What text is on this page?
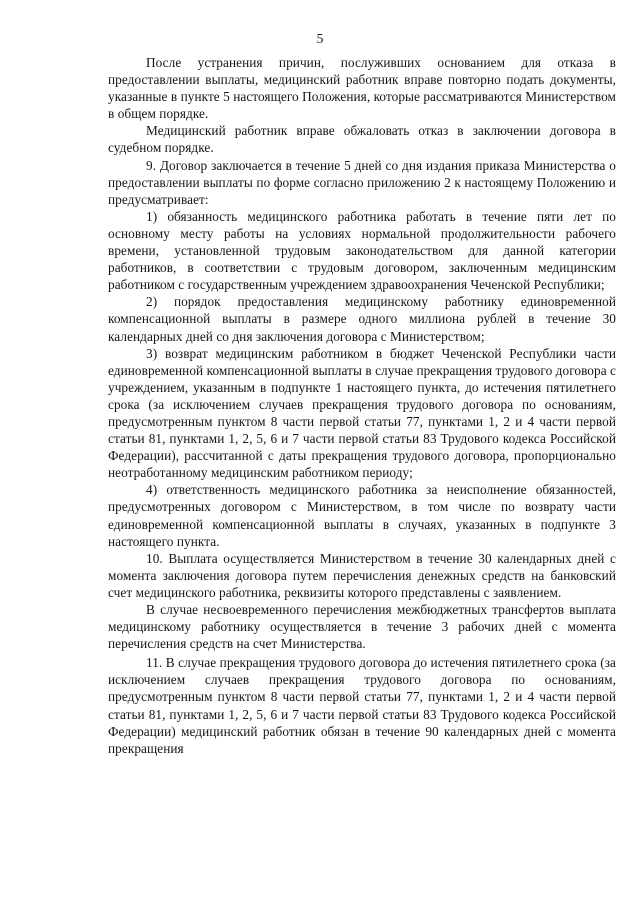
5

После устранения причин, послуживших основанием для отказа в предоставлении выплаты, медицинский работник вправе повторно подать документы, указанные в пункте 5 настоящего Положения, которые рассматриваются Министерством в общем порядке.

Медицинский работник вправе обжаловать отказ в заключении договора в судебном порядке.

9. Договор заключается в течение 5 дней со дня издания приказа Министерства о предоставлении выплаты по форме согласно приложению 2 к настоящему Положению и предусматривает:

1) обязанность медицинского работника работать в течение пяти лет по основному месту работы на условиях нормальной продолжительности рабочего времени, установленной трудовым законодательством для данной категории работников, в соответствии с трудовым договором, заключенным медицинским работником с государственным учреждением здравоохранения Чеченской Республики;

2) порядок предоставления медицинскому работнику единовременной компенсационной выплаты в размере одного миллиона рублей в течение 30 календарных дней со дня заключения договора с Министерством;

3) возврат медицинским работником в бюджет Чеченской Республики части единовременной компенсационной выплаты в случае прекращения трудового договора с учреждением, указанным в подпункте 1 настоящего пункта, до истечения пятилетнего срока (за исключением случаев прекращения трудового договора по основаниям, предусмотренным пунктом 8 части первой статьи 77, пунктами 1, 2 и 4 части первой статьи 81, пунктами 1, 2, 5, 6 и 7 части первой статьи 83 Трудового кодекса Российской Федерации), рассчитанной с даты прекращения трудового договора, пропорционально неотработанному медицинским работником периоду;

4) ответственность медицинского работника за неисполнение обязанностей, предусмотренных договором с Министерством, в том числе по возврату части единовременной компенсационной выплаты в случаях, указанных в подпункте 3 настоящего пункта.

10. Выплата осуществляется Министерством в течение 30 календарных дней с момента заключения договора путем перечисления денежных средств на банковский счет медицинского работника, реквизиты которого представлены с заявлением.

В случае несвоевременного перечисления межбюджетных трансфертов выплата медицинскому работнику осуществляется в течение 3 рабочих дней с момента перечисления средств на счет Министерства.

11. В случае прекращения трудового договора до истечения пятилетнего срока (за исключением случаев прекращения трудового договора по основаниям, предусмотренным пунктом 8 части первой статьи 77, пунктами 1, 2 и 4 части первой статьи 81, пунктами 1, 2, 5, 6 и 7 части первой статьи 83 Трудового кодекса Российской Федерации) медицинский работник обязан в течение 90 календарных дней с момента прекращения
